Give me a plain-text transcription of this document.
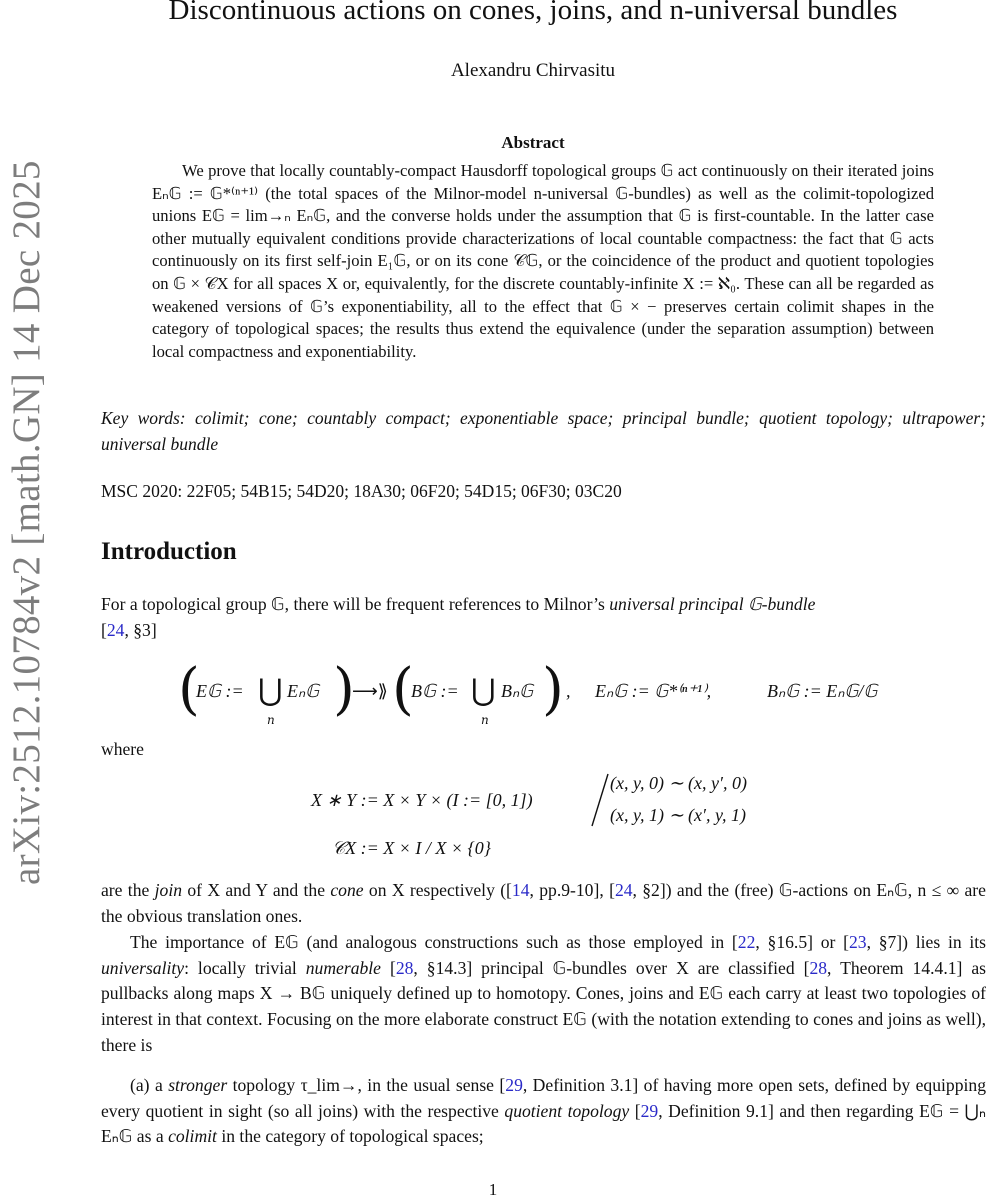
arXiv:2512.10784v2 [math.GN] 14 Dec 2025
Discontinuous actions on cones, joins, and n-universal bundles
Alexandru Chirvasitu
Abstract
We prove that locally countably-compact Hausdorff topological groups 𝔾 act continuously on their iterated joins Eₙ𝔾 := 𝔾*⁽ⁿ⁺¹⁾ (the total spaces of the Milnor-model n-universal 𝔾-bundles) as well as the colimit-topologized unions E𝔾 = lim→ₙ Eₙ𝔾, and the converse holds under the assumption that 𝔾 is first-countable. In the latter case other mutually equivalent conditions provide characterizations of local countable compactness: the fact that 𝔾 acts continuously on its first self-join E₁𝔾, or on its cone 𝒞𝔾, or the coincidence of the product and quotient topologies on 𝔾 × 𝒞X for all spaces X or, equivalently, for the discrete countably-infinite X := ℵ₀. These can all be regarded as weakened versions of 𝔾’s exponentiability, all to the effect that 𝔾 × − preserves certain colimit shapes in the category of topological spaces; the results thus extend the equivalence (under the separation assumption) between local compactness and exponentiability.
Key words: colimit; cone; countably compact; exponentiable space; principal bundle; quotient topology; ultrapower; universal bundle
MSC 2020: 22F05; 54B15; 54D20; 18A30; 06F20; 54D15; 06F30; 03C20
Introduction
For a topological group 𝔾, there will be frequent references to Milnor’s universal principal 𝔾-bundle
[24, §3]
(
E𝔾 := ⋃
n
Eₙ𝔾 )
⟶⟫ (
B𝔾 := ⋃
n
Bₙ𝔾 ) , Eₙ𝔾 := 𝔾*⁽ⁿ⁺¹⁾,	Bₙ𝔾 := Eₙ𝔾/𝔾
where
X ∗ Y := X × Y × (I := [0, 1])
(x, y, 0) ∼ (x, y′, 0)
(x, y, 1) ∼ (x′, y, 1)
𝒞X := X × I / X × {0}
are the join of X and Y and the cone on X respectively ([14, pp.9-10], [24, §2]) and the (free) 𝔾-actions on Eₙ𝔾, n ≤ ∞ are the obvious translation ones.
The importance of E𝔾 (and analogous constructions such as those employed in [22, §16.5] or [23, §7]) lies in its universality: locally trivial numerable [28, §14.3] principal 𝔾-bundles over X are classified [28, Theorem 14.4.1] as pullbacks along maps X → B𝔾 uniquely defined up to homotopy. Cones, joins and E𝔾 each carry at least two topologies of interest in that context. Focusing on the more elaborate construct E𝔾 (with the notation extending to cones and joins as well), there is
(a) a stronger topology τ_lim→, in the usual sense [29, Definition 3.1] of having more open sets, defined by equipping every quotient in sight (so all joins) with the respective quotient topology [29, Definition 9.1] and then regarding E𝔾 = ⋃ₙ Eₙ𝔾 as a colimit in the category of topological spaces;
1
